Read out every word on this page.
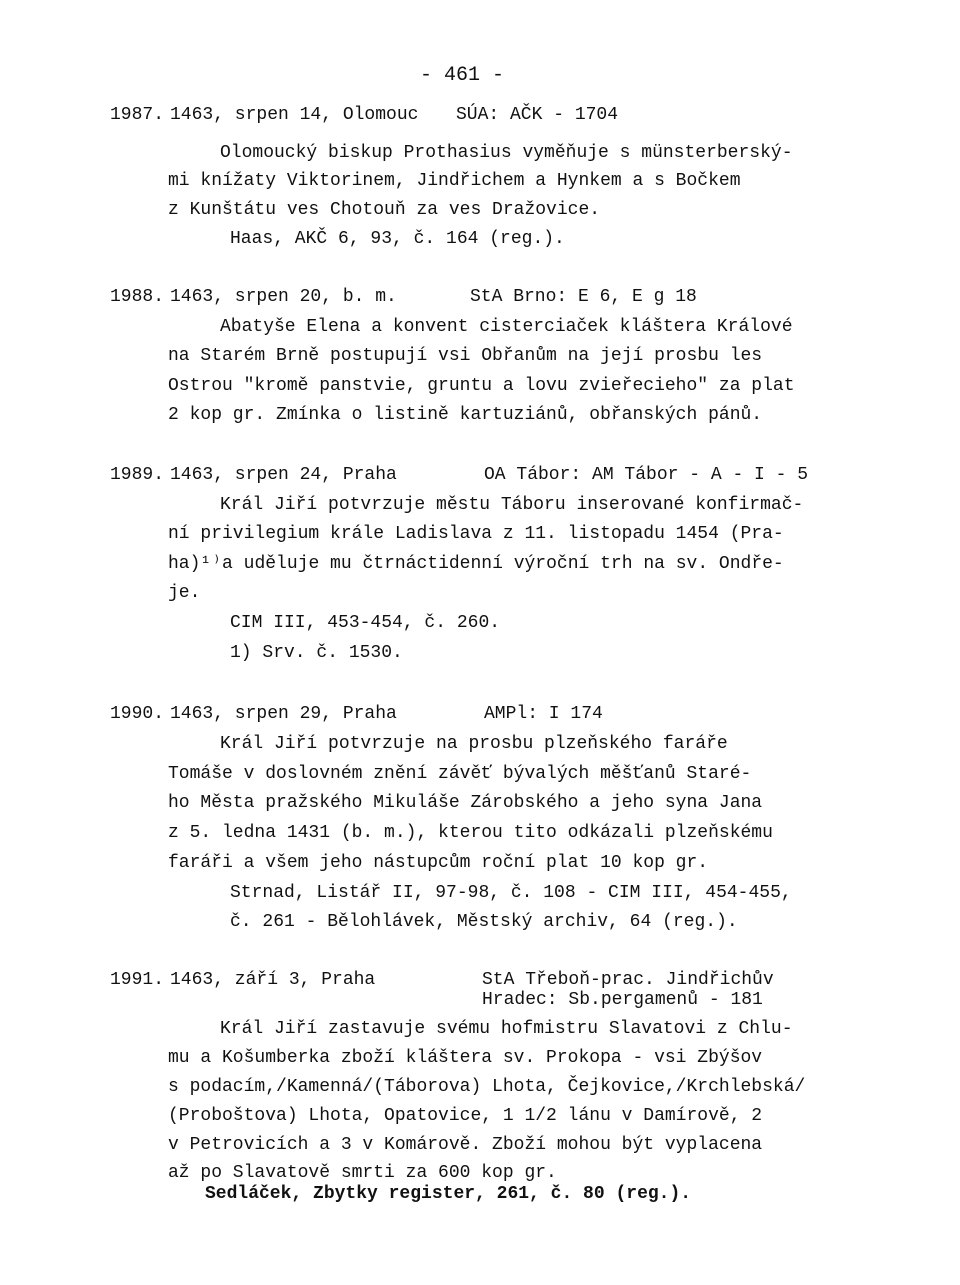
- 461 -
1987. 1463, srpen 14, Olomouc SÚA: AČK - 1704
Olomoucký biskup Prothasius vyměňuje s münsterberský-
mi knížaty Viktorinem, Jindřichem a Hynkem a s Bočkem
z Kunštátu ves Chotouň za ves Dražovice.
Haas, AKČ 6, 93, č. 164 (reg.).
1988. 1463, srpen 20, b. m.	StA Brno: E 6, E g 18
Abatyše Elena a konvent cisterciaček kláštera Králové
na Starém Brně postupují vsi Obřanům na její prosbu les
Ostrou "kromě panstvie, gruntu a lovu zvieřecieho" za plat
2 kop gr. Zmínka o listině kartuziánů, obřanských pánů.
1989. 1463, srpen 24, Praha	OA Tábor: AM Tábor - A - I - 5
Král Jiří potvrzuje městu Táboru inserované konfirmač-
ní privilegium krále Ladislava z 11. listopadu 1454 (Pra-
ha)¹⁾a uděluje mu čtrnáctidenní výroční trh na sv. Ondře-
je.
CIM III, 453-454, č. 260.
1) Srv. č. 1530.
1990. 1463, srpen 29, Praha	AMPl: I 174
Král Jiří potvrzuje na prosbu plzeňského faráře
Tomáše v doslovném znění závěť bývalých měšťanů Staré-
ho Města pražského Mikuláše Zárobského a jeho syna Jana
z 5. ledna 1431 (b. m.), kterou tito odkázali plzeňskému
faráři a všem jeho nástupcům roční plat 10 kop gr.
Strnad, Listář II, 97-98, č. 108 - CIM III, 454-455,
č. 261 - Bělohlávek, Městský archiv, 64 (reg.).
1991. 1463, září 3, Praha	StA Třeboň-prac. Jindřichův
Hradec: Sb.pergamenů - 181
Král Jiří zastavuje svému hofmistru Slavatovi z Chlu-
mu a Košumberka zboží kláštera sv. Prokopa - vsi Zbýšov
s podacím,/Kamenná/(Táborova) Lhota, Čejkovice,/Krchlebská/
(Proboštova) Lhota, Opatovice, 1 1/2 lánu v Damírově, 2
v Petrovicích a 3 v Komárově. Zboží mohou být vyplacena
až po Slavatově smrti za 600 kop gr.
Sedláček, Zbytky register, 261, č. 80 (reg.).
